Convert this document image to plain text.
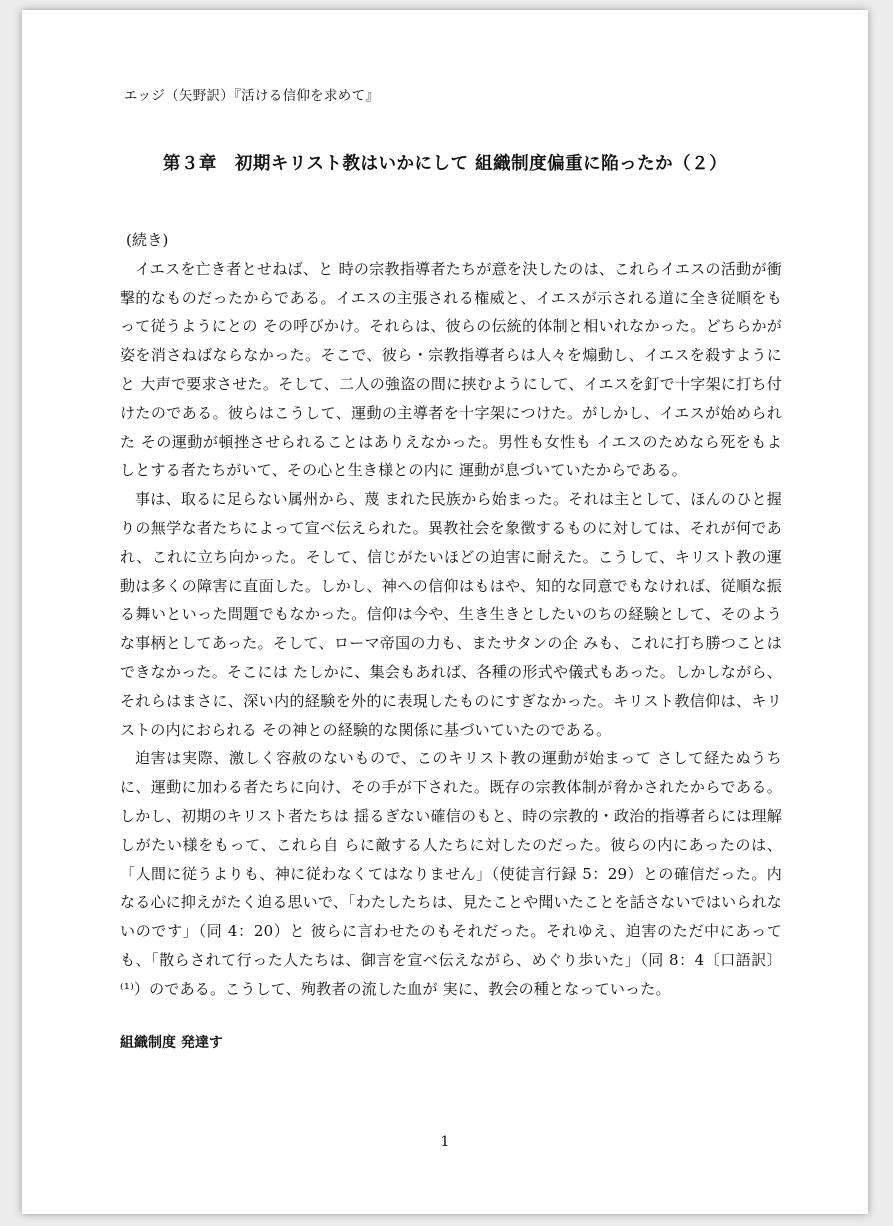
エッジ（矢野訳）『活ける信仰を求めて』
第３章　初期キリスト教はいかにして 組織制度偏重に陥ったか（２）

(続き)

イエスを亡き者とせねば、と 時の宗教指導者たちが意を決したのは、これらイエスの活動が衝撃的なものだったからである。イエスの主張される権威と、イエスが示される道に全き従順をもって従うようにとの その呼びかけ。それらは、彼らの伝統的体制と相いれなかった。どちらかが姿を消さねばならなかった。そこで、彼ら・宗教指導者らは人々を煽動し、イエスを殺すようにと 大声で要求させた。そして、二人の強盗の間に挟むようにして、イエスを釘で十字架に打ち付けたのである。彼らはこうして、運動の主導者を十字架につけた。がしかし、イエスが始められた その運動が頓挫させられることはありえなかった。男性も女性も イエスのためなら死をもよしとする者たちがいて、その心と生き様との内に 運動が息づいていたからである。

事は、取るに足らない属州から、蔑 まれた民族から始まった。それは主として、ほんのひと握りの無学な者たちによって宣べ伝えられた。異教社会を象徴するものに対しては、それが何であれ、これに立ち向かった。そして、信じがたいほどの迫害に耐えた。こうして、キリスト教の運動は多くの障害に直面した。しかし、神への信仰はもはや、知的な同意でもなければ、従順な振る舞いといった問題でもなかった。信仰は今や、生き生きとしたいのちの経験として、そのような事柄としてあった。そして、ローマ帝国の力も、またサタンの企 みも、これに打ち勝つことはできなかった。そこには たしかに、集会もあれば、各種の形式や儀式もあった。しかしながら、それらはまさに、深い内的経験を外的に表現したものにすぎなかった。キリスト教信仰は、キリストの内におられる その神との経験的な関係に基づいていたのである。

迫害は実際、激しく容赦のないもので、このキリスト教の運動が始まって さして経たぬうちに、運動に加わる者たちに向け、その手が下された。既存の宗教体制が脅かされたからである。しかし、初期のキリスト者たちは 揺るぎない確信のもと、時の宗教的・政治的指導者らには理解しがたい様をもって、これら自 らに敵する人たちに対したのだった。彼らの内にあったのは、「人間に従うよりも、神に従わなくてはなりません」（使徒言行録 5：29）との確信だった。内なる心に抑えがたく迫る思いで、「わたしたちは、見たことや聞いたことを話さないではいられないのです」（同 4：20）と 彼らに言わせたのもそれだった。それゆえ、迫害のただ中にあっても、「散らされて行った人たちは、御言を宣べ伝えながら、めぐり歩いた」（同 8：4〔口語訳〕⁽¹⁾）のである。こうして、殉教者の流した血が 実に、教会の種となっていった。

組織制度 発達す
1
